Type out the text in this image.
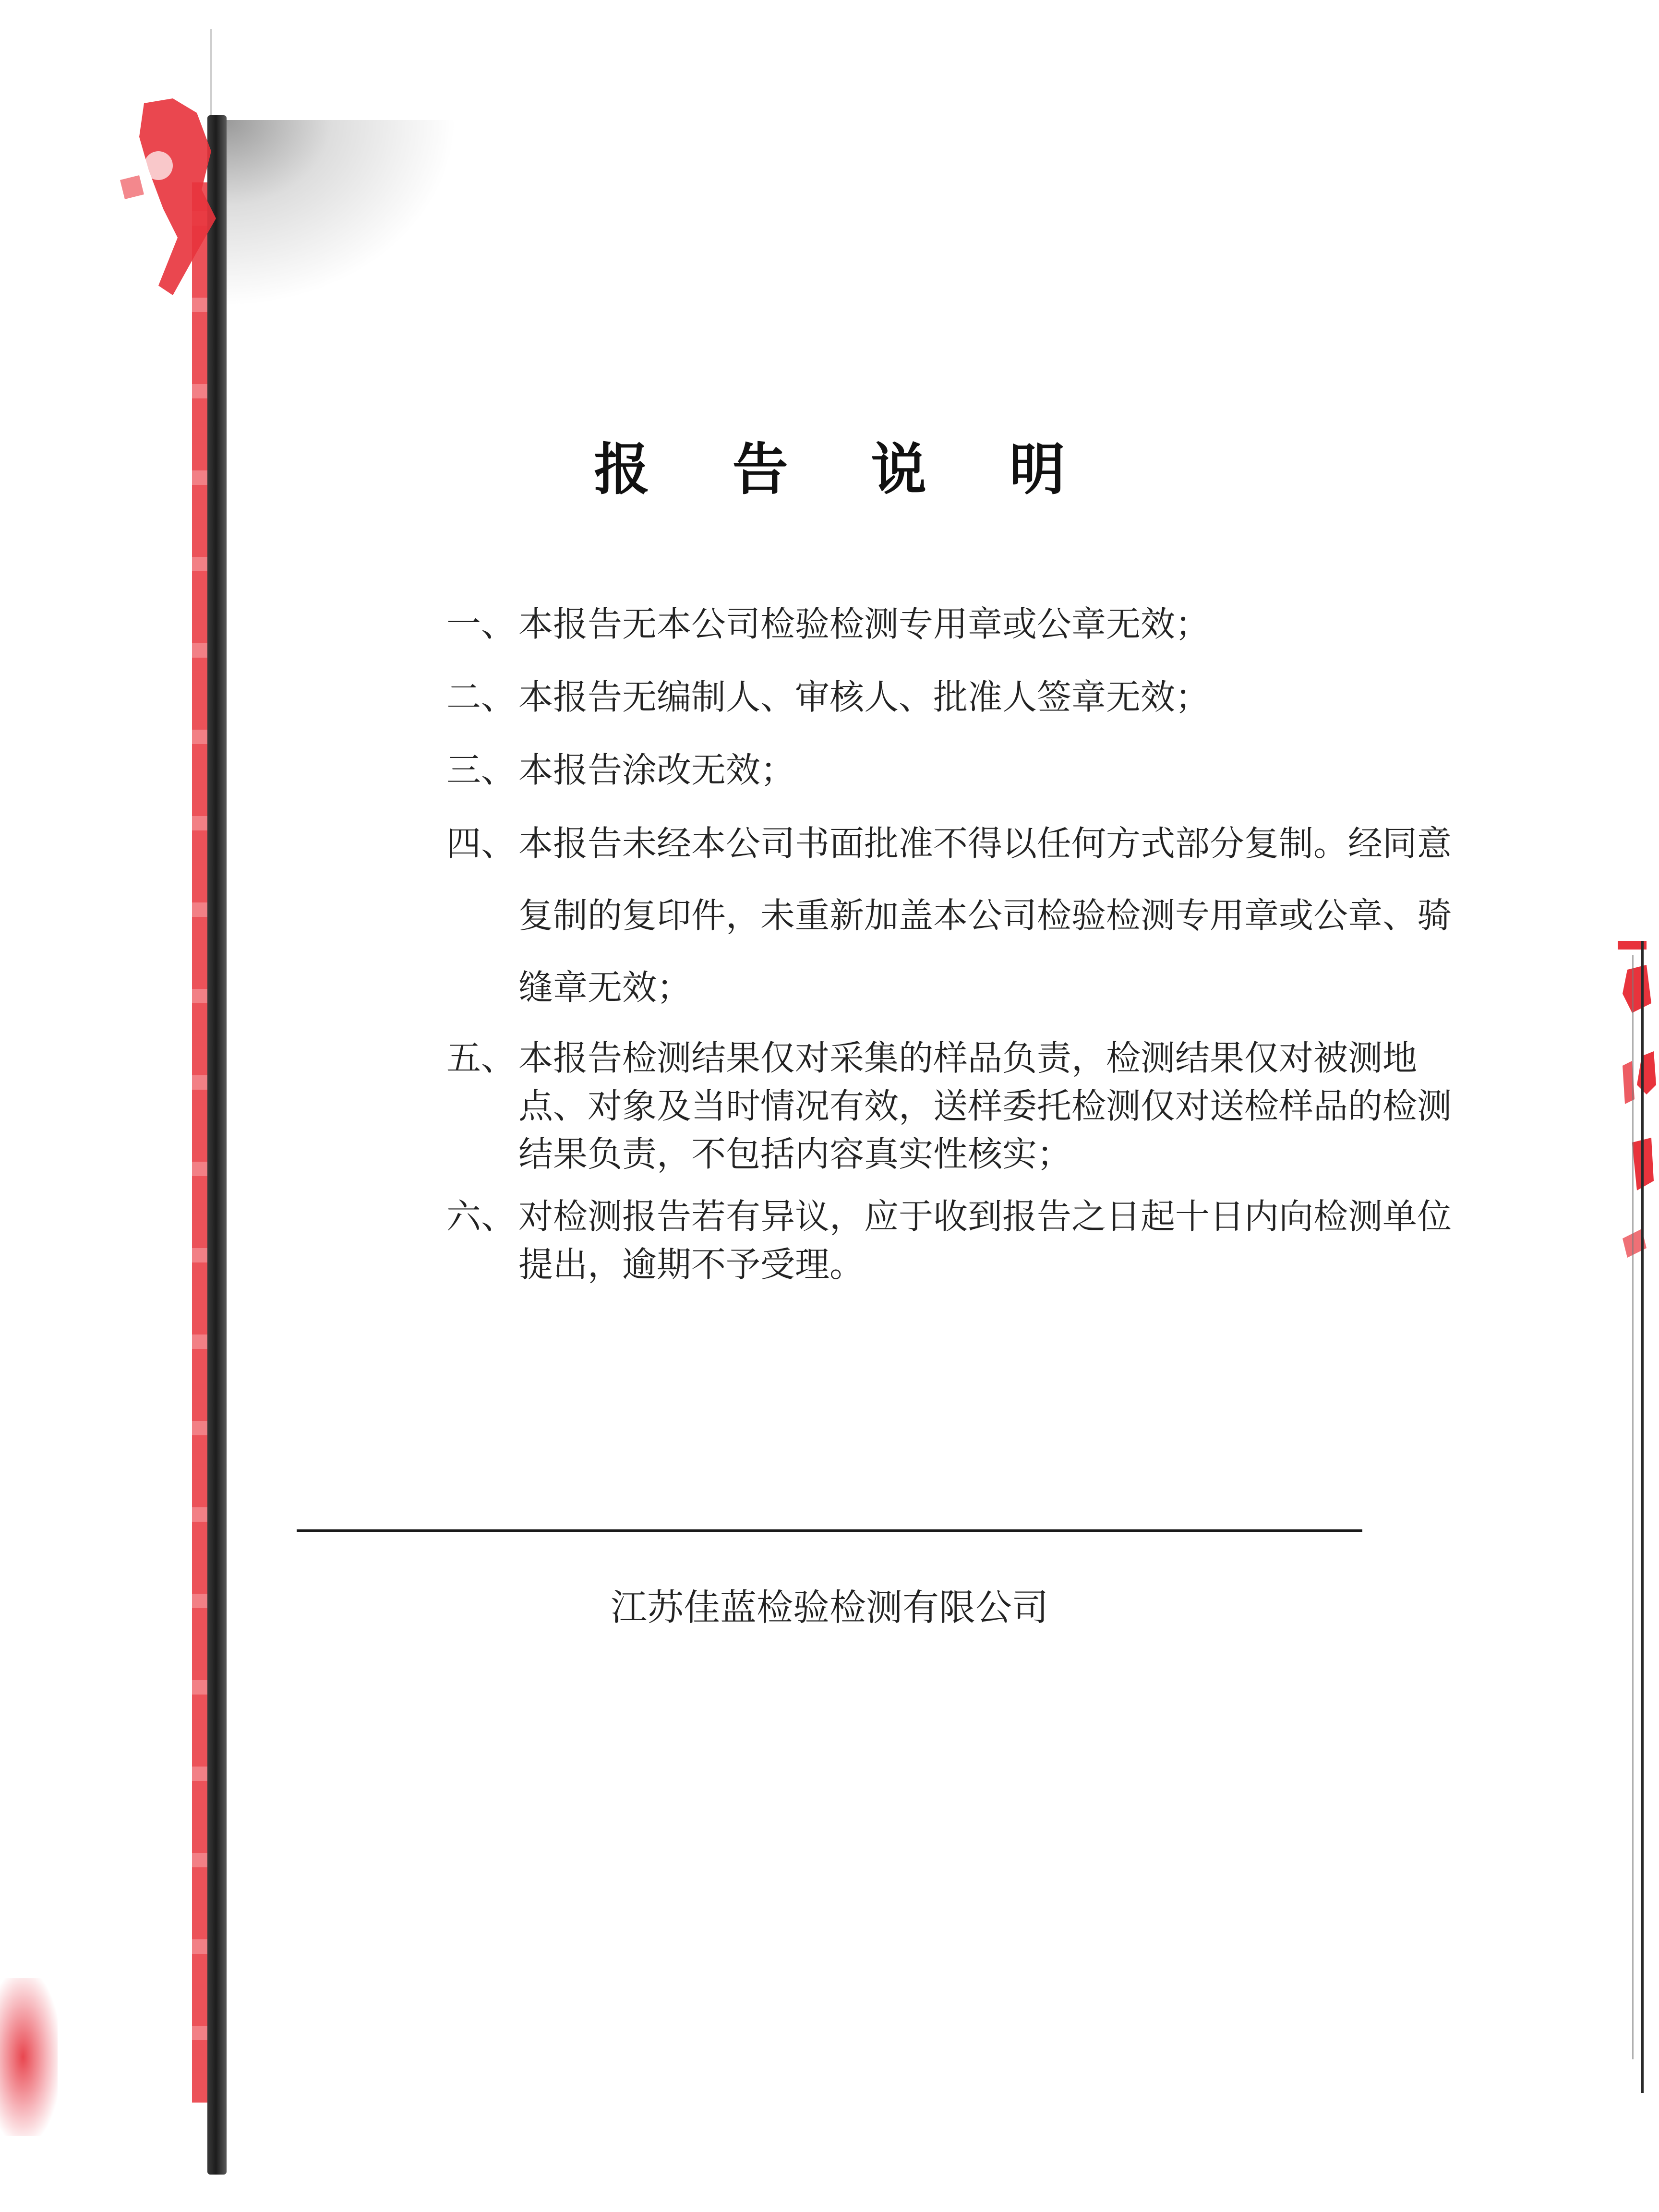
报 告 说 明
一、 本报告无本公司检验检测专用章或公章无效；
二、 本报告无编制人、审核人、批准人签章无效；
三、 本报告涂改无效；
四、 本报告未经本公司书面批准不得以任何方式部分复制。经同意复制的复印件，未重新加盖本公司检验检测专用章或公章、骑缝章无效；
五、 本报告检测结果仅对采集的样品负责，检测结果仅对被测地点、对象及当时情况有效，送样委托检测仅对送检样品的检测结果负责，不包括内容真实性核实；
六、 对检测报告若有异议，应于收到报告之日起十日内向检测单位提出，逾期不予受理。
江苏佳蓝检验检测有限公司
